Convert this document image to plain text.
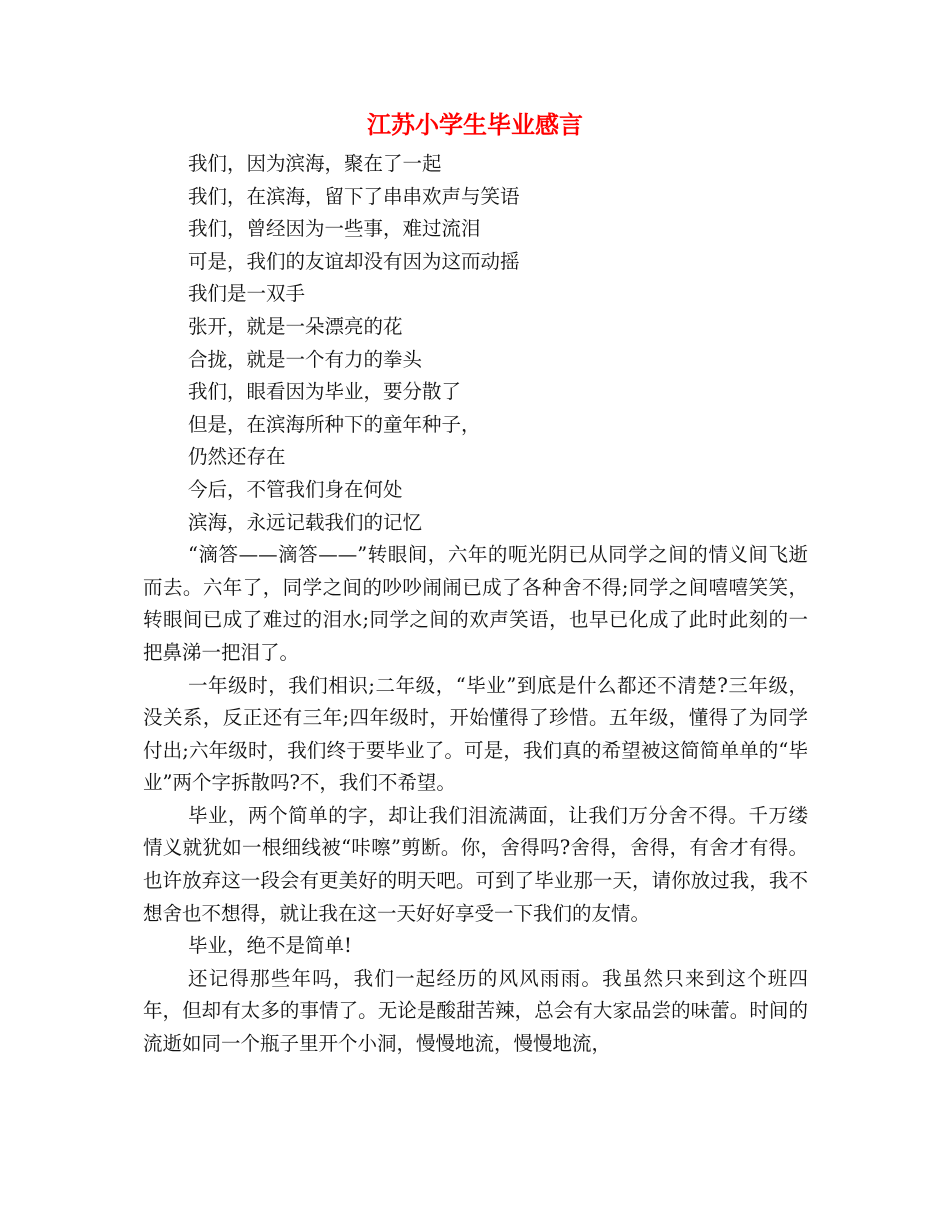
江苏小学生毕业感言

我们，因为滨海，聚在了一起

我们，在滨海，留下了串串欢声与笑语

我们，曾经因为一些事，难过流泪

可是，我们的友谊却没有因为这而动摇

我们是一双手

张开，就是一朵漂亮的花

合拢，就是一个有力的拳头

我们，眼看因为毕业，要分散了

但是，在滨海所种下的童年种子，

仍然还存在

今后，不管我们身在何处

滨海，永远记载我们的记忆

“滴答——滴答——”转眼间，六年的呃光阴已从同学之间的情义间飞逝而去。六年了，同学之间的吵吵闹闹已成了各种舍不得;同学之间嘻嘻笑笑，转眼间已成了难过的泪水;同学之间的欢声笑语，也早已化成了此时此刻的一把鼻涕一把泪了。

一年级时，我们相识;二年级，“毕业”到底是什么都还不清楚?三年级，没关系，反正还有三年;四年级时，开始懂得了珍惜。五年级，懂得了为同学付出;六年级时，我们终于要毕业了。可是，我们真的希望被这简简单单的“毕业”两个字拆散吗?不，我们不希望。

毕业，两个简单的字，却让我们泪流满面，让我们万分舍不得。千万缕情义就犹如一根细线被“咔嚓”剪断。你，舍得吗?舍得，舍得，有舍才有得。也许放弃这一段会有更美好的明天吧。可到了毕业那一天，请你放过我，我不想舍也不想得，就让我在这一天好好享受一下我们的友情。

毕业，绝不是简单!

还记得那些年吗，我们一起经历的风风雨雨。我虽然只来到这个班四年，但却有太多的事情了。无论是酸甜苦辣，总会有大家品尝的味蕾。时间的流逝如同一个瓶子里开个小洞，慢慢地流，慢慢地流，
